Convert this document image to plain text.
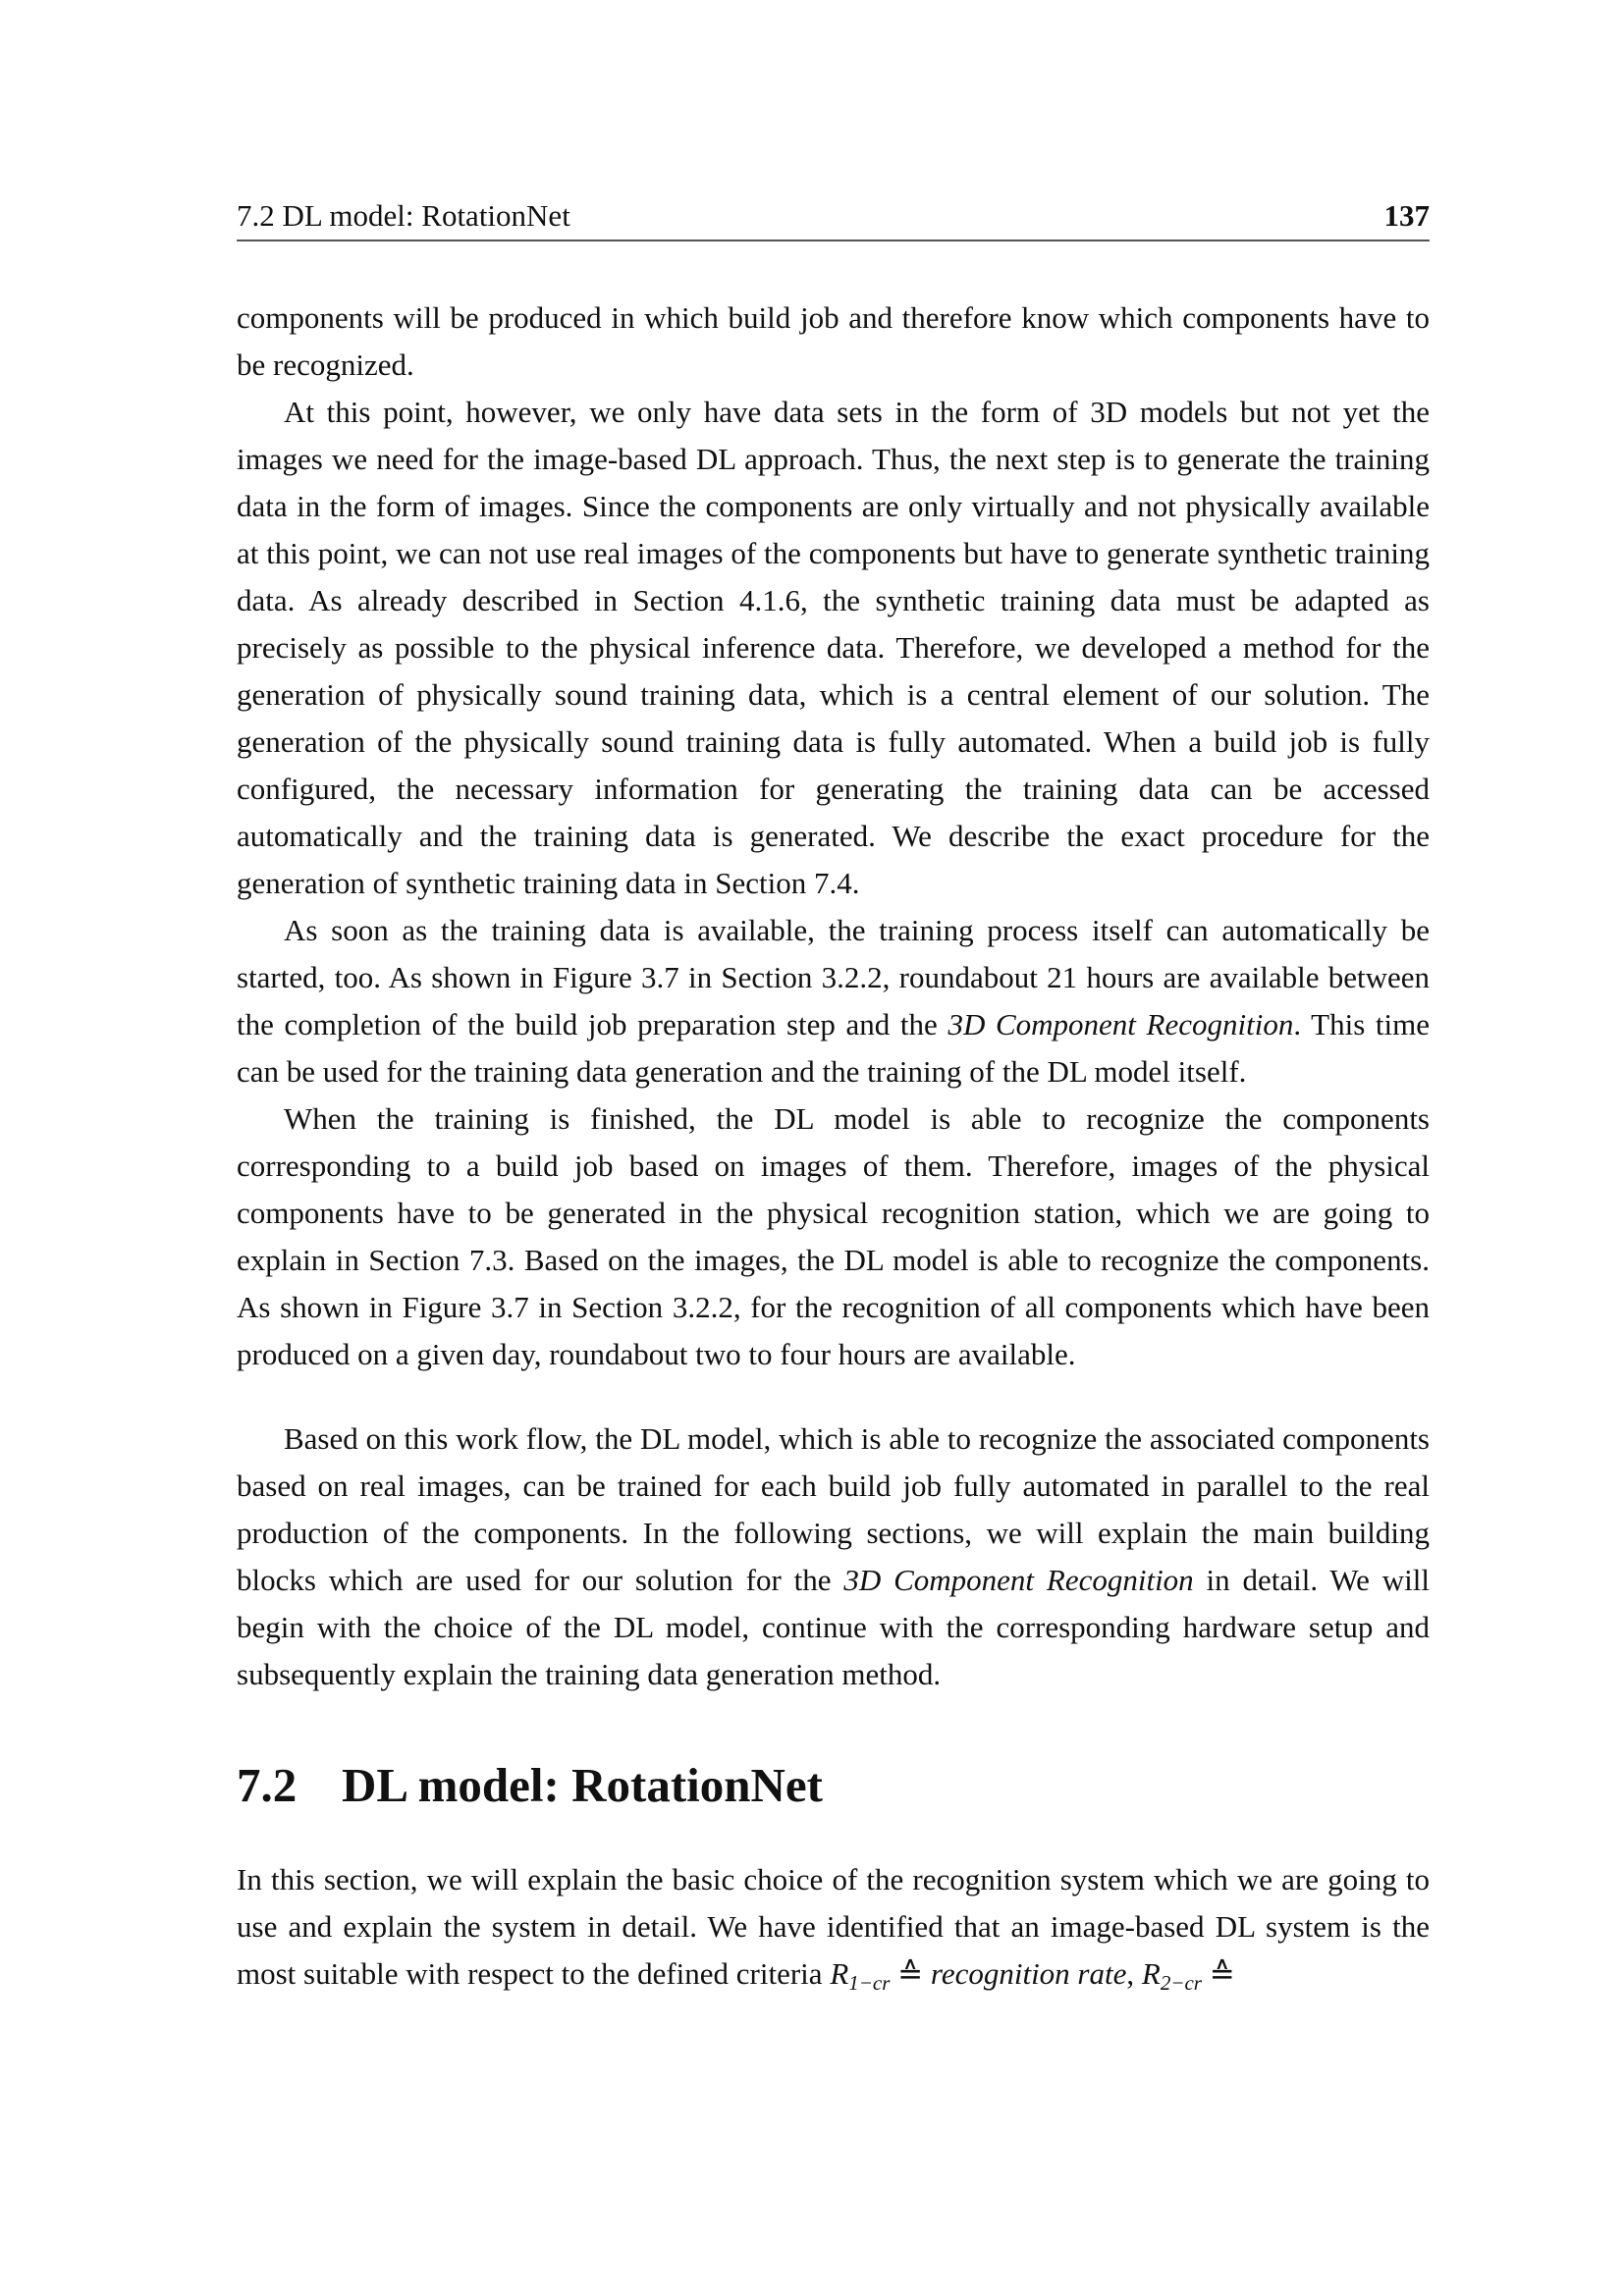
7.2 DL model: RotationNet	137

components will be produced in which build job and therefore know which components have to be recognized.

At this point, however, we only have data sets in the form of 3D models but not yet the images we need for the image-based DL approach. Thus, the next step is to generate the training data in the form of images. Since the components are only virtually and not physically available at this point, we can not use real images of the components but have to generate synthetic training data. As already described in Section 4.1.6, the synthetic training data must be adapted as precisely as possible to the physical inference data. Therefore, we developed a method for the generation of physically sound training data, which is a central element of our solution. The generation of the physically sound training data is fully automated. When a build job is fully configured, the necessary information for generating the training data can be accessed automatically and the training data is generated. We describe the exact procedure for the generation of synthetic training data in Section 7.4.

As soon as the training data is available, the training process itself can automatically be started, too. As shown in Figure 3.7 in Section 3.2.2, roundabout 21 hours are available between the completion of the build job preparation step and the 3D Component Recognition. This time can be used for the training data generation and the training of the DL model itself.

When the training is finished, the DL model is able to recognize the components corresponding to a build job based on images of them. Therefore, images of the physical components have to be generated in the physical recognition station, which we are going to explain in Section 7.3. Based on the images, the DL model is able to recognize the components. As shown in Figure 3.7 in Section 3.2.2, for the recognition of all components which have been produced on a given day, roundabout two to four hours are available.

Based on this work flow, the DL model, which is able to recognize the associated components based on real images, can be trained for each build job fully automated in parallel to the real production of the components. In the following sections, we will explain the main building blocks which are used for our solution for the 3D Component Recognition in detail. We will begin with the choice of the DL model, continue with the corresponding hardware setup and subsequently explain the training data generation method.

7.2 DL model: RotationNet

In this section, we will explain the basic choice of the recognition system which we are going to use and explain the system in detail. We have identified that an image-based DL system is the most suitable with respect to the defined criteria $R_{1-cr}$ ≙ recognition rate, $R_{2-cr}$ ≙
